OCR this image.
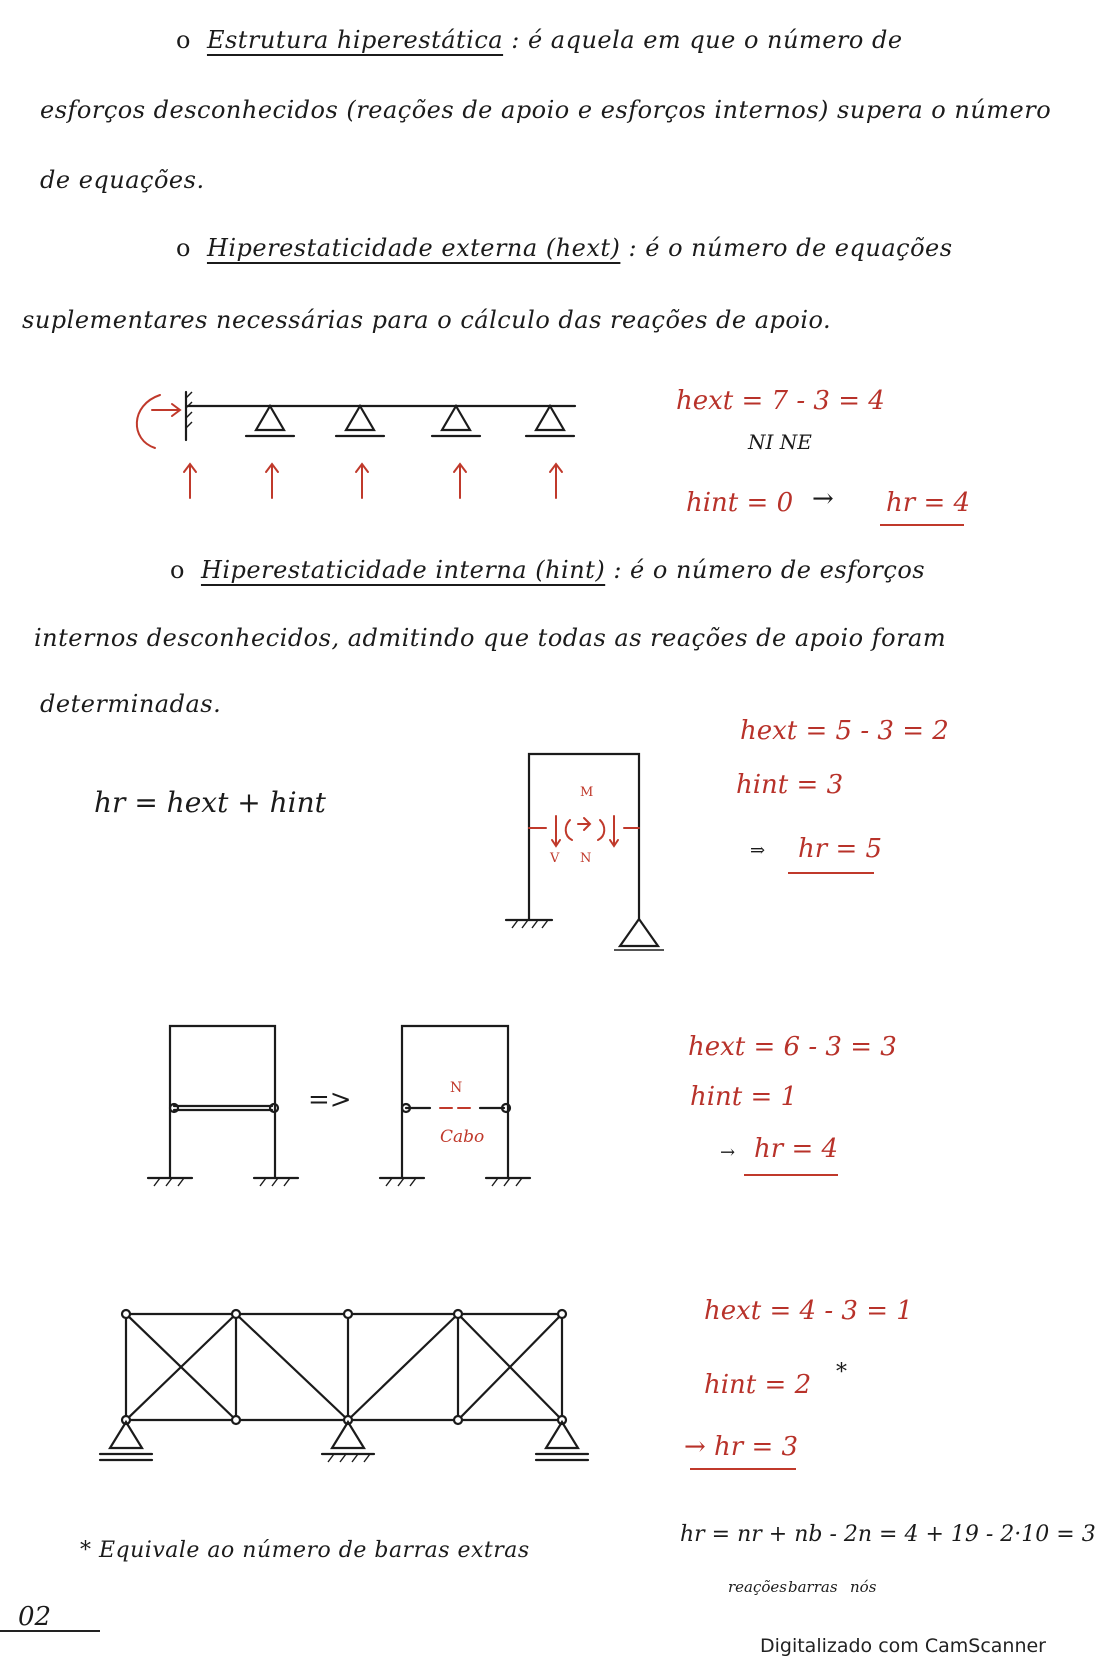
o Estrutura hiperestática : é aquela em que o número de
esforços desconhecidos (reações de apoio e esforços internos) supera o número
de equações.
o Hiperestaticidade externa (hext) : é o número de equações
suplementares necessárias para o cálculo das reações de apoio.
hext = 7 - 3 = 4
NI NE
hint = 0 → hr = 4
o Hiperestaticidade interna (hint) : é o número de esforços
internos desconhecidos, admitindo que todas as reações de apoio foram
determinadas.
hr = hext + hint	M
N
V
hext = 5 - 3 = 2
hint = 3
⇒ hr = 5
=>	N
Cabo
hext = 6 - 3 = 3
hint = 1
→ hr = 4
hext = 4 - 3 = 1
hint = 2 *
→ hr = 3
* Equivale ao número de barras extras
hr = nr + nb - 2n = 4 + 19 - 2·10 = 3
reações barras nós
02
Digitalizado com CamScanner
